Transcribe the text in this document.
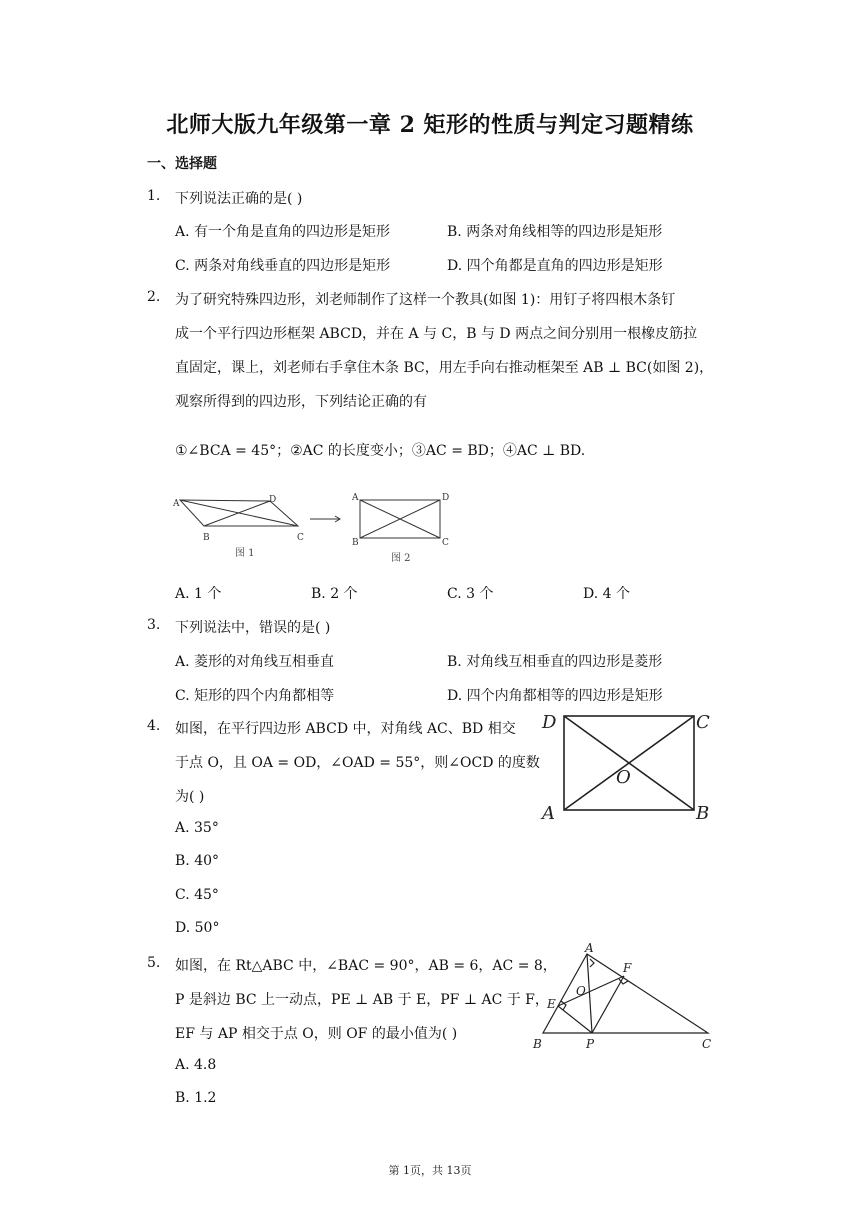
北师大版九年级第一章 2 矩形的性质与判定习题精练
一、选择题
1. 下列说法正确的是( )
A. 有一个角是直角的四边形是矩形	B. 两条对角线相等的四边形是矩形
C. 两条对角线垂直的四边形是矩形	D. 四个角都是直角的四边形是矩形
2. 为了研究特殊四边形，刘老师制作了这样一个教具(如图 1)：用钉子将四根木条钉
成一个平行四边形框架 ABCD，并在 A 与 C，B 与 D 两点之间分别用一根橡皮筋拉
直固定，课上，刘老师右手拿住木条 BC，用左手向右推动框架至 AB ⊥ BC(如图 2)，
观察所得到的四边形，下列结论正确的有
①∠BCA = 45°；②AC 的长度变小；③AC = BD；④AC ⊥ BD.
A	D
B	C
图 1
A	D
B	C
图 2
A. 1 个	B. 2 个	C. 3 个	D. 4 个
3. 下列说法中，错误的是( )
A. 菱形的对角线互相垂直	B. 对角线互相垂直的四边形是菱形
C. 矩形的四个内角都相等	D. 四个内角都相等的四边形是矩形
4. 如图，在平行四边形 ABCD 中，对角线 AC、BD 相交
于点 O，且 OA = OD，∠OAD = 55°，则∠OCD 的度数
为( )
A. 35°
B. 40°
C. 45°
D. 50°
D	C
A	B
O
5. 如图，在 Rt△ABC 中，∠BAC = 90°，AB = 6，AC = 8，
P 是斜边 BC 上一动点，PE ⊥ AB 于 E，PF ⊥ AC 于 F，
EF 与 AP 相交于点 O，则 OF 的最小值为( )
A. 4.8
B. 1.2
A
F
O
E
B	P	C
第 1页，共 13页
